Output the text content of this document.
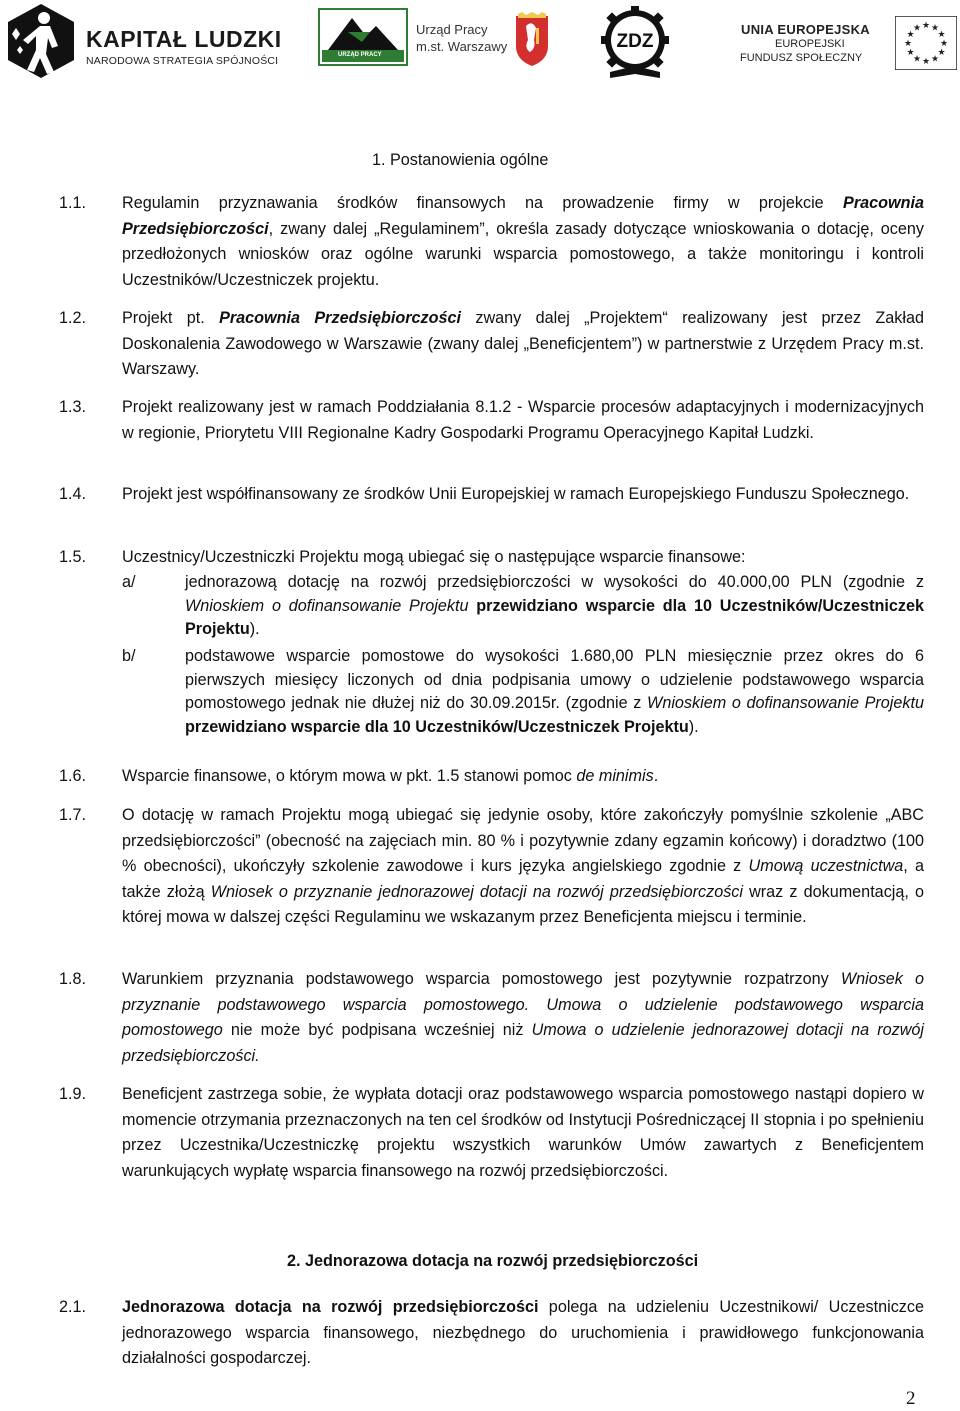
KAPITAŁ LUDZKI
NARODOWA STRATEGIA SPÓJNOŚCI	URZĄD PRACY
Urząd Pracy
m.st. Warszawy	ZDZ
UNIA EUROPEJSKA
EUROPEJSKI
FUNDUSZ SPOŁECZNY
★ ★
★
★
★
★
★
★
★
★
★
★
1. Postanowienia ogólne
1.1. Regulamin przyznawania środków finansowych na prowadzenie firmy w projekcie Pracownia Przedsiębiorczości, zwany dalej „Regulaminem”, określa zasady dotyczące wnioskowania o dotację, oceny przedłożonych wniosków oraz ogólne warunki wsparcia pomostowego, a także monitoringu i kontroli Uczestników/Uczestniczek projektu.
1.2. Projekt pt. Pracownia Przedsiębiorczości zwany dalej „Projektem“ realizowany jest przez Zakład Doskonalenia Zawodowego w Warszawie (zwany dalej „Beneficjentem”) w partnerstwie z Urzędem Pracy m.st. Warszawy.
1.3. Projekt realizowany jest w ramach Poddziałania 8.1.2 - Wsparcie procesów adaptacyjnych i modernizacyjnych w regionie, Priorytetu VIII Regionalne Kadry Gospodarki Programu Operacyjnego Kapitał Ludzki.
1.4. Projekt jest współfinansowany ze środków Unii Europejskiej w ramach Europejskiego Funduszu Społecznego.
1.5. Uczestnicy/Uczestniczki Projektu mogą ubiegać się o następujące wsparcie finansowe:
a/	jednorazową dotację na rozwój przedsiębiorczości w wysokości do 40.000,00 PLN (zgodnie z Wnioskiem o dofinansowanie Projektu przewidziano wsparcie dla 10 Uczestników/Uczestniczek Projektu).
b/	podstawowe wsparcie pomostowe do wysokości 1.680,00 PLN miesięcznie przez okres do 6 pierwszych miesięcy liczonych od dnia podpisania umowy o udzielenie podstawowego wsparcia pomostowego jednak nie dłużej niż do 30.09.2015r. (zgodnie z Wnioskiem o dofinansowanie Projektu przewidziano wsparcie dla 10 Uczestników/Uczestniczek Projektu).
1.6. Wsparcie finansowe, o którym mowa w pkt. 1.5 stanowi pomoc de minimis.
1.7. O dotację w ramach Projektu mogą ubiegać się jedynie osoby, które zakończyły pomyślnie szkolenie „ABC przedsiębiorczości” (obecność na zajęciach min. 80 % i pozytywnie zdany egzamin końcowy) i doradztwo (100 % obecności), ukończyły szkolenie zawodowe i kurs języka angielskiego zgodnie z Umową uczestnictwa, a także złożą Wniosek o przyznanie jednorazowej dotacji na rozwój przedsiębiorczości wraz z dokumentacją, o której mowa w dalszej części Regulaminu we wskazanym przez Beneficjenta miejscu i terminie.
1.8. Warunkiem przyznania podstawowego wsparcia pomostowego jest pozytywnie rozpatrzony Wniosek o przyznanie podstawowego wsparcia pomostowego. Umowa o udzielenie podstawowego wsparcia pomostowego nie może być podpisana wcześniej niż Umowa o udzielenie jednorazowej dotacji na rozwój przedsiębiorczości.
1.9. Beneficjent zastrzega sobie, że wypłata dotacji oraz podstawowego wsparcia pomostowego nastąpi dopiero w momencie otrzymania przeznaczonych na ten cel środków od Instytucji Pośredniczącej II stopnia i po spełnieniu przez Uczestnika/Uczestniczkę projektu wszystkich warunków Umów zawartych z Beneficjentem warunkujących wypłatę wsparcia finansowego na rozwój przedsiębiorczości.
2. Jednorazowa dotacja na rozwój przedsiębiorczości
2.1. Jednorazowa dotacja na rozwój przedsiębiorczości polega na udzieleniu Uczestnikowi/ Uczestniczce jednorazowego wsparcia finansowego, niezbędnego do uruchomienia i prawidłowego funkcjonowania działalności gospodarczej.
2
